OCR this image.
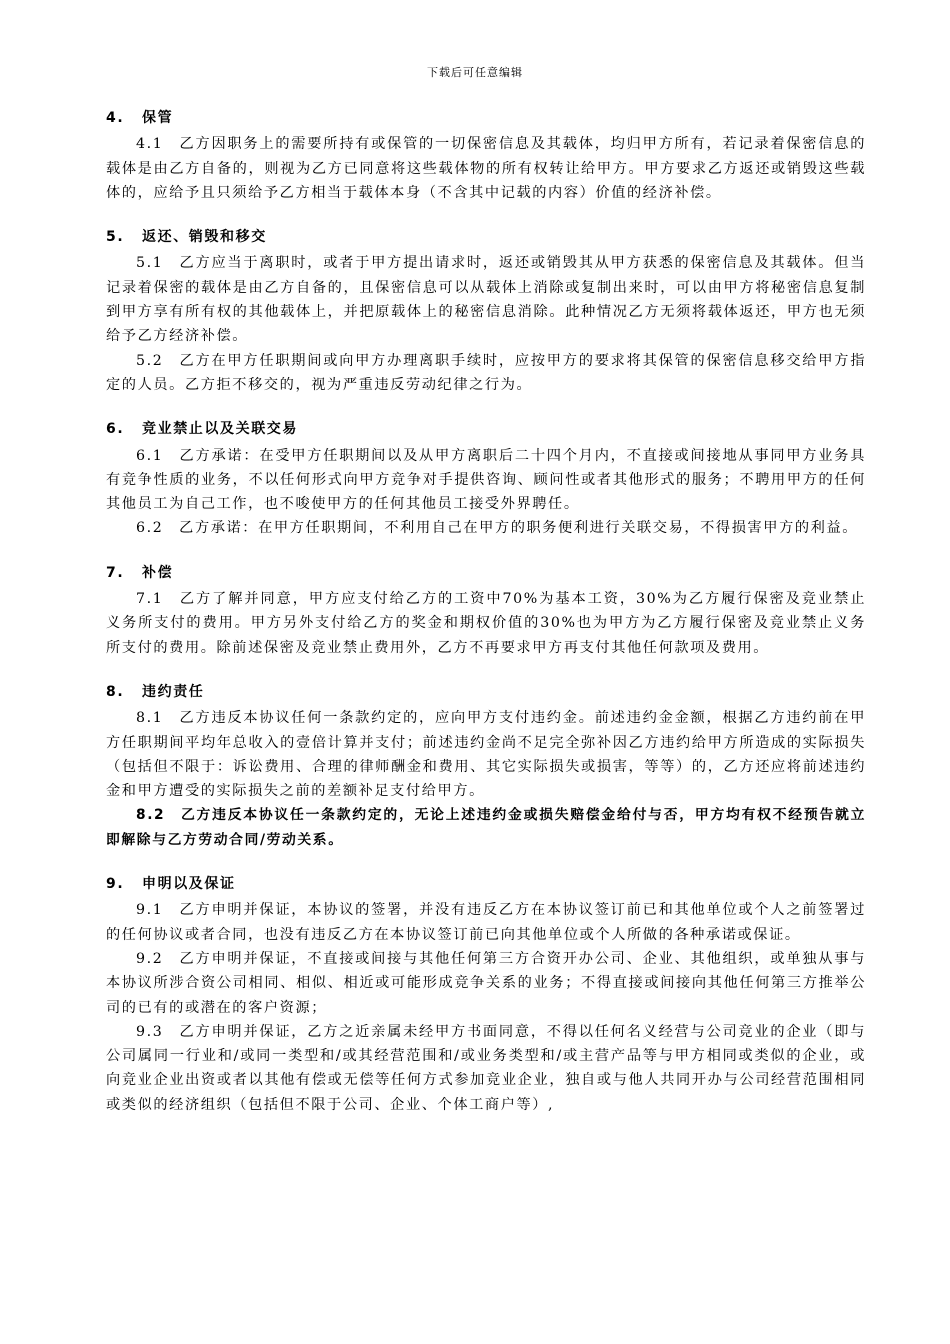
下载后可任意编辑
4. 保管

4.1　乙方因职务上的需要所持有或保管的一切保密信息及其载体，均归甲方所有，若记录着保密信息的载体是由乙方自备的，则视为乙方已同意将这些载体物的所有权转让给甲方。甲方要求乙方返还或销毁这些载体的，应给予且只须给予乙方相当于载体本身（不含其中记载的内容）价值的经济补偿。

5. 返还、销毁和移交

5.1　乙方应当于离职时，或者于甲方提出请求时，返还或销毁其从甲方获悉的保密信息及其载体。但当记录着保密的载体是由乙方自备的，且保密信息可以从载体上消除或复制出来时，可以由甲方将秘密信息复制到甲方享有所有权的其他载体上，并把原载体上的秘密信息消除。此种情况乙方无须将载体返还，甲方也无须给予乙方经济补偿。

5.2　乙方在甲方任职期间或向甲方办理离职手续时，应按甲方的要求将其保管的保密信息移交给甲方指定的人员。乙方拒不移交的，视为严重违反劳动纪律之行为。

6. 竞业禁止以及关联交易

6.1　乙方承诺：在受甲方任职期间以及从甲方离职后二十四个月内，不直接或间接地从事同甲方业务具有竞争性质的业务，不以任何形式向甲方竞争对手提供咨询、顾问性或者其他形式的服务；不聘用甲方的任何其他员工为自己工作，也不唆使甲方的任何其他员工接受外界聘任。

6.2　乙方承诺：在甲方任职期间，不利用自己在甲方的职务便利进行关联交易，不得损害甲方的利益。

7. 补偿

7.1　乙方了解并同意，甲方应支付给乙方的工资中70%为基本工资，30%为乙方履行保密及竞业禁止义务所支付的费用。甲方另外支付给乙方的奖金和期权价值的30%也为甲方为乙方履行保密及竞业禁止义务所支付的费用。除前述保密及竞业禁止费用外，乙方不再要求甲方再支付其他任何款项及费用。

8. 违约责任

8.1　乙方违反本协议任何一条款约定的，应向甲方支付违约金。前述违约金金额，根据乙方违约前在甲方任职期间平均年总收入的壹倍计算并支付；前述违约金尚不足完全弥补因乙方违约给甲方所造成的实际损失（包括但不限于：诉讼费用、合理的律师酬金和费用、其它实际损失或损害，等等）的，乙方还应将前述违约金和甲方遭受的实际损失之前的差额补足支付给甲方。

8.2　乙方违反本协议任一条款约定的，无论上述违约金或损失赔偿金给付与否，甲方均有权不经预告就立即解除与乙方劳动合同/劳动关系。

9. 申明以及保证

9.1　乙方申明并保证，本协议的签署，并没有违反乙方在本协议签订前已和其他单位或个人之前签署过的任何协议或者合同，也没有违反乙方在本协议签订前已向其他单位或个人所做的各种承诺或保证。

9.2　乙方申明并保证，不直接或间接与其他任何第三方合资开办公司、企业、其他组织，或单独从事与本协议所涉合资公司相同、相似、相近或可能形成竞争关系的业务；不得直接或间接向其他任何第三方推举公司的已有的或潜在的客户资源；

9.3　乙方申明并保证，乙方之近亲属未经甲方书面同意，不得以任何名义经营与公司竞业的企业（即与公司属同一行业和/或同一类型和/或其经营范围和/或业务类型和/或主营产品等与甲方相同或类似的企业，或向竞业企业出资或者以其他有偿或无偿等任何方式参加竞业企业，独自或与他人共同开办与公司经营范围相同或类似的经济组织（包括但不限于公司、企业、个体工商户等）,
